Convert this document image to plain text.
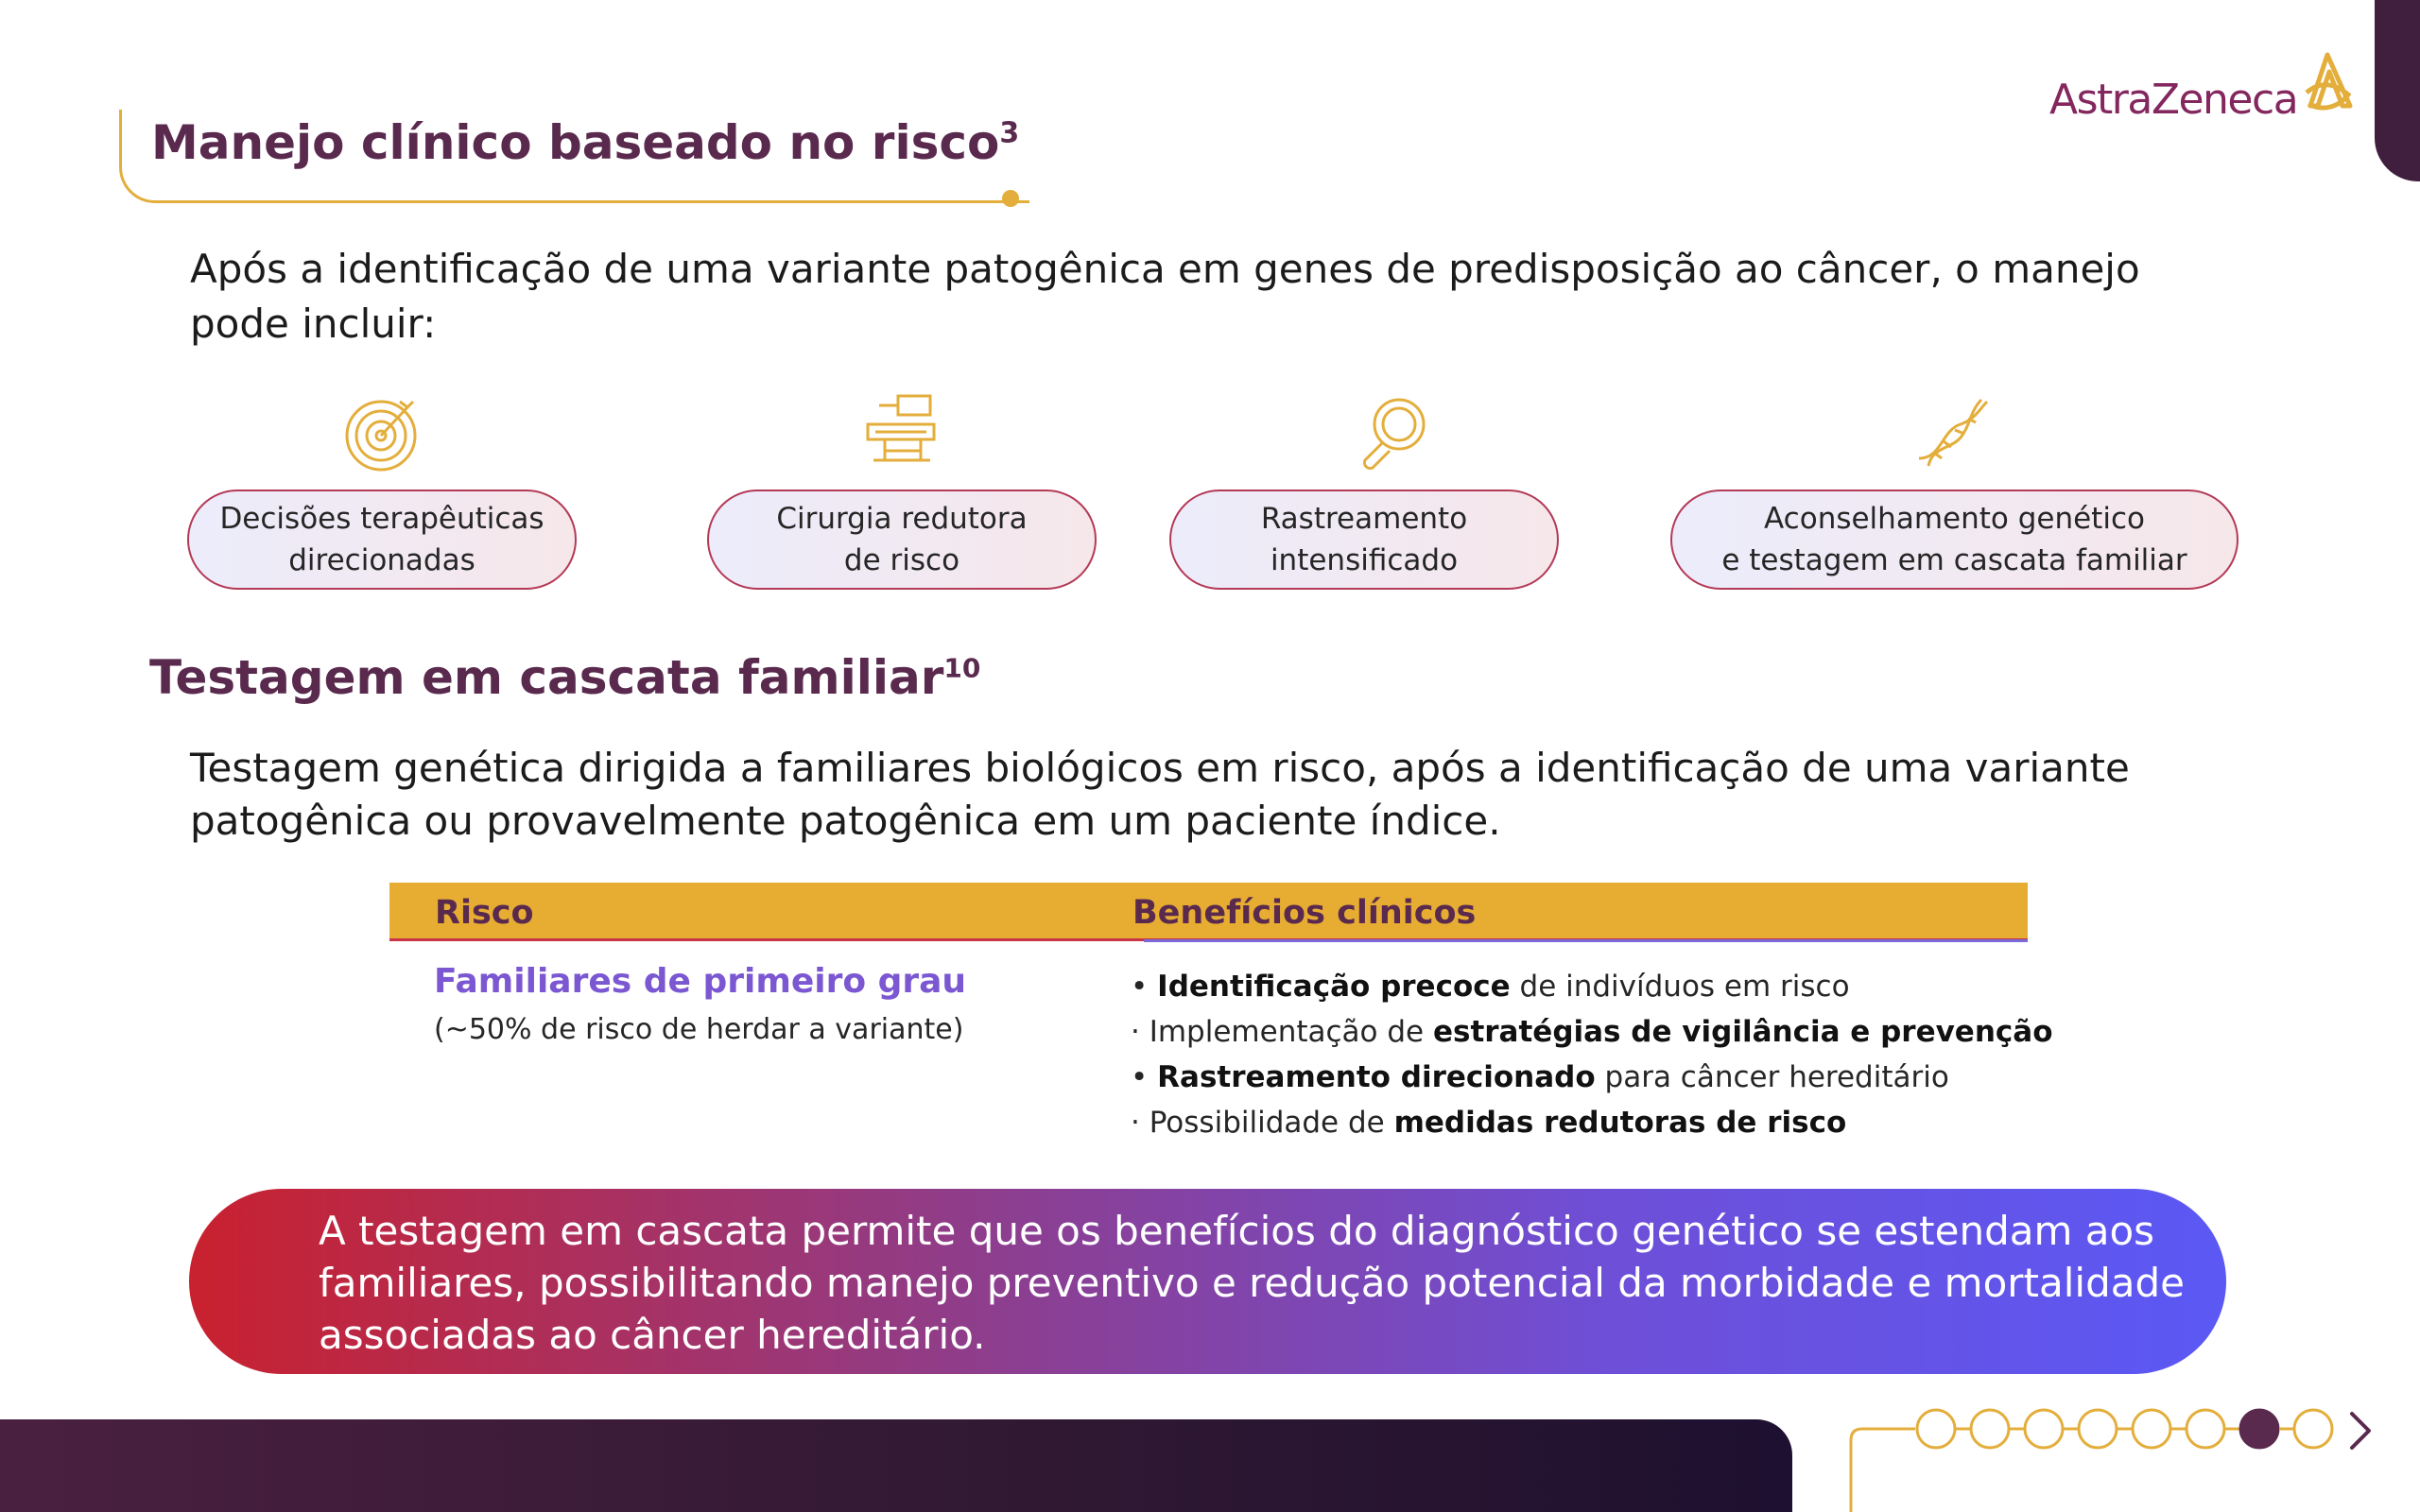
AstraZeneca
Manejo clínico baseado no risco$^3$
Após a identificação de uma variante patogênica em genes de predisposição ao câncer, o manejo pode incluir:
Decisões terapêuticas
direcionadas
Cirurgia redutora
de risco
Rastreamento
intensificado
Aconselhamento genético
e testagem em cascata familiar
Testagem em cascata familiar$^{10}$
Testagem genética dirigida a familiares biológicos em risco, após a identificação de uma variante patogênica ou provavelmente patogênica em um paciente índice.
Risco	Benefícios clínicos
Familiares de primeiro grau
(~50% de risco de herdar a variante)
• Identificação precoce de indivíduos em risco
· Implementação de estratégias de vigilância e prevenção
• Rastreamento direcionado para câncer hereditário
· Possibilidade de medidas redutoras de risco
A testagem em cascata permite que os benefícios do diagnóstico genético se estendam aos familiares, possibilitando manejo preventivo e redução potencial da morbidade e mortalidade associadas ao câncer hereditário.
